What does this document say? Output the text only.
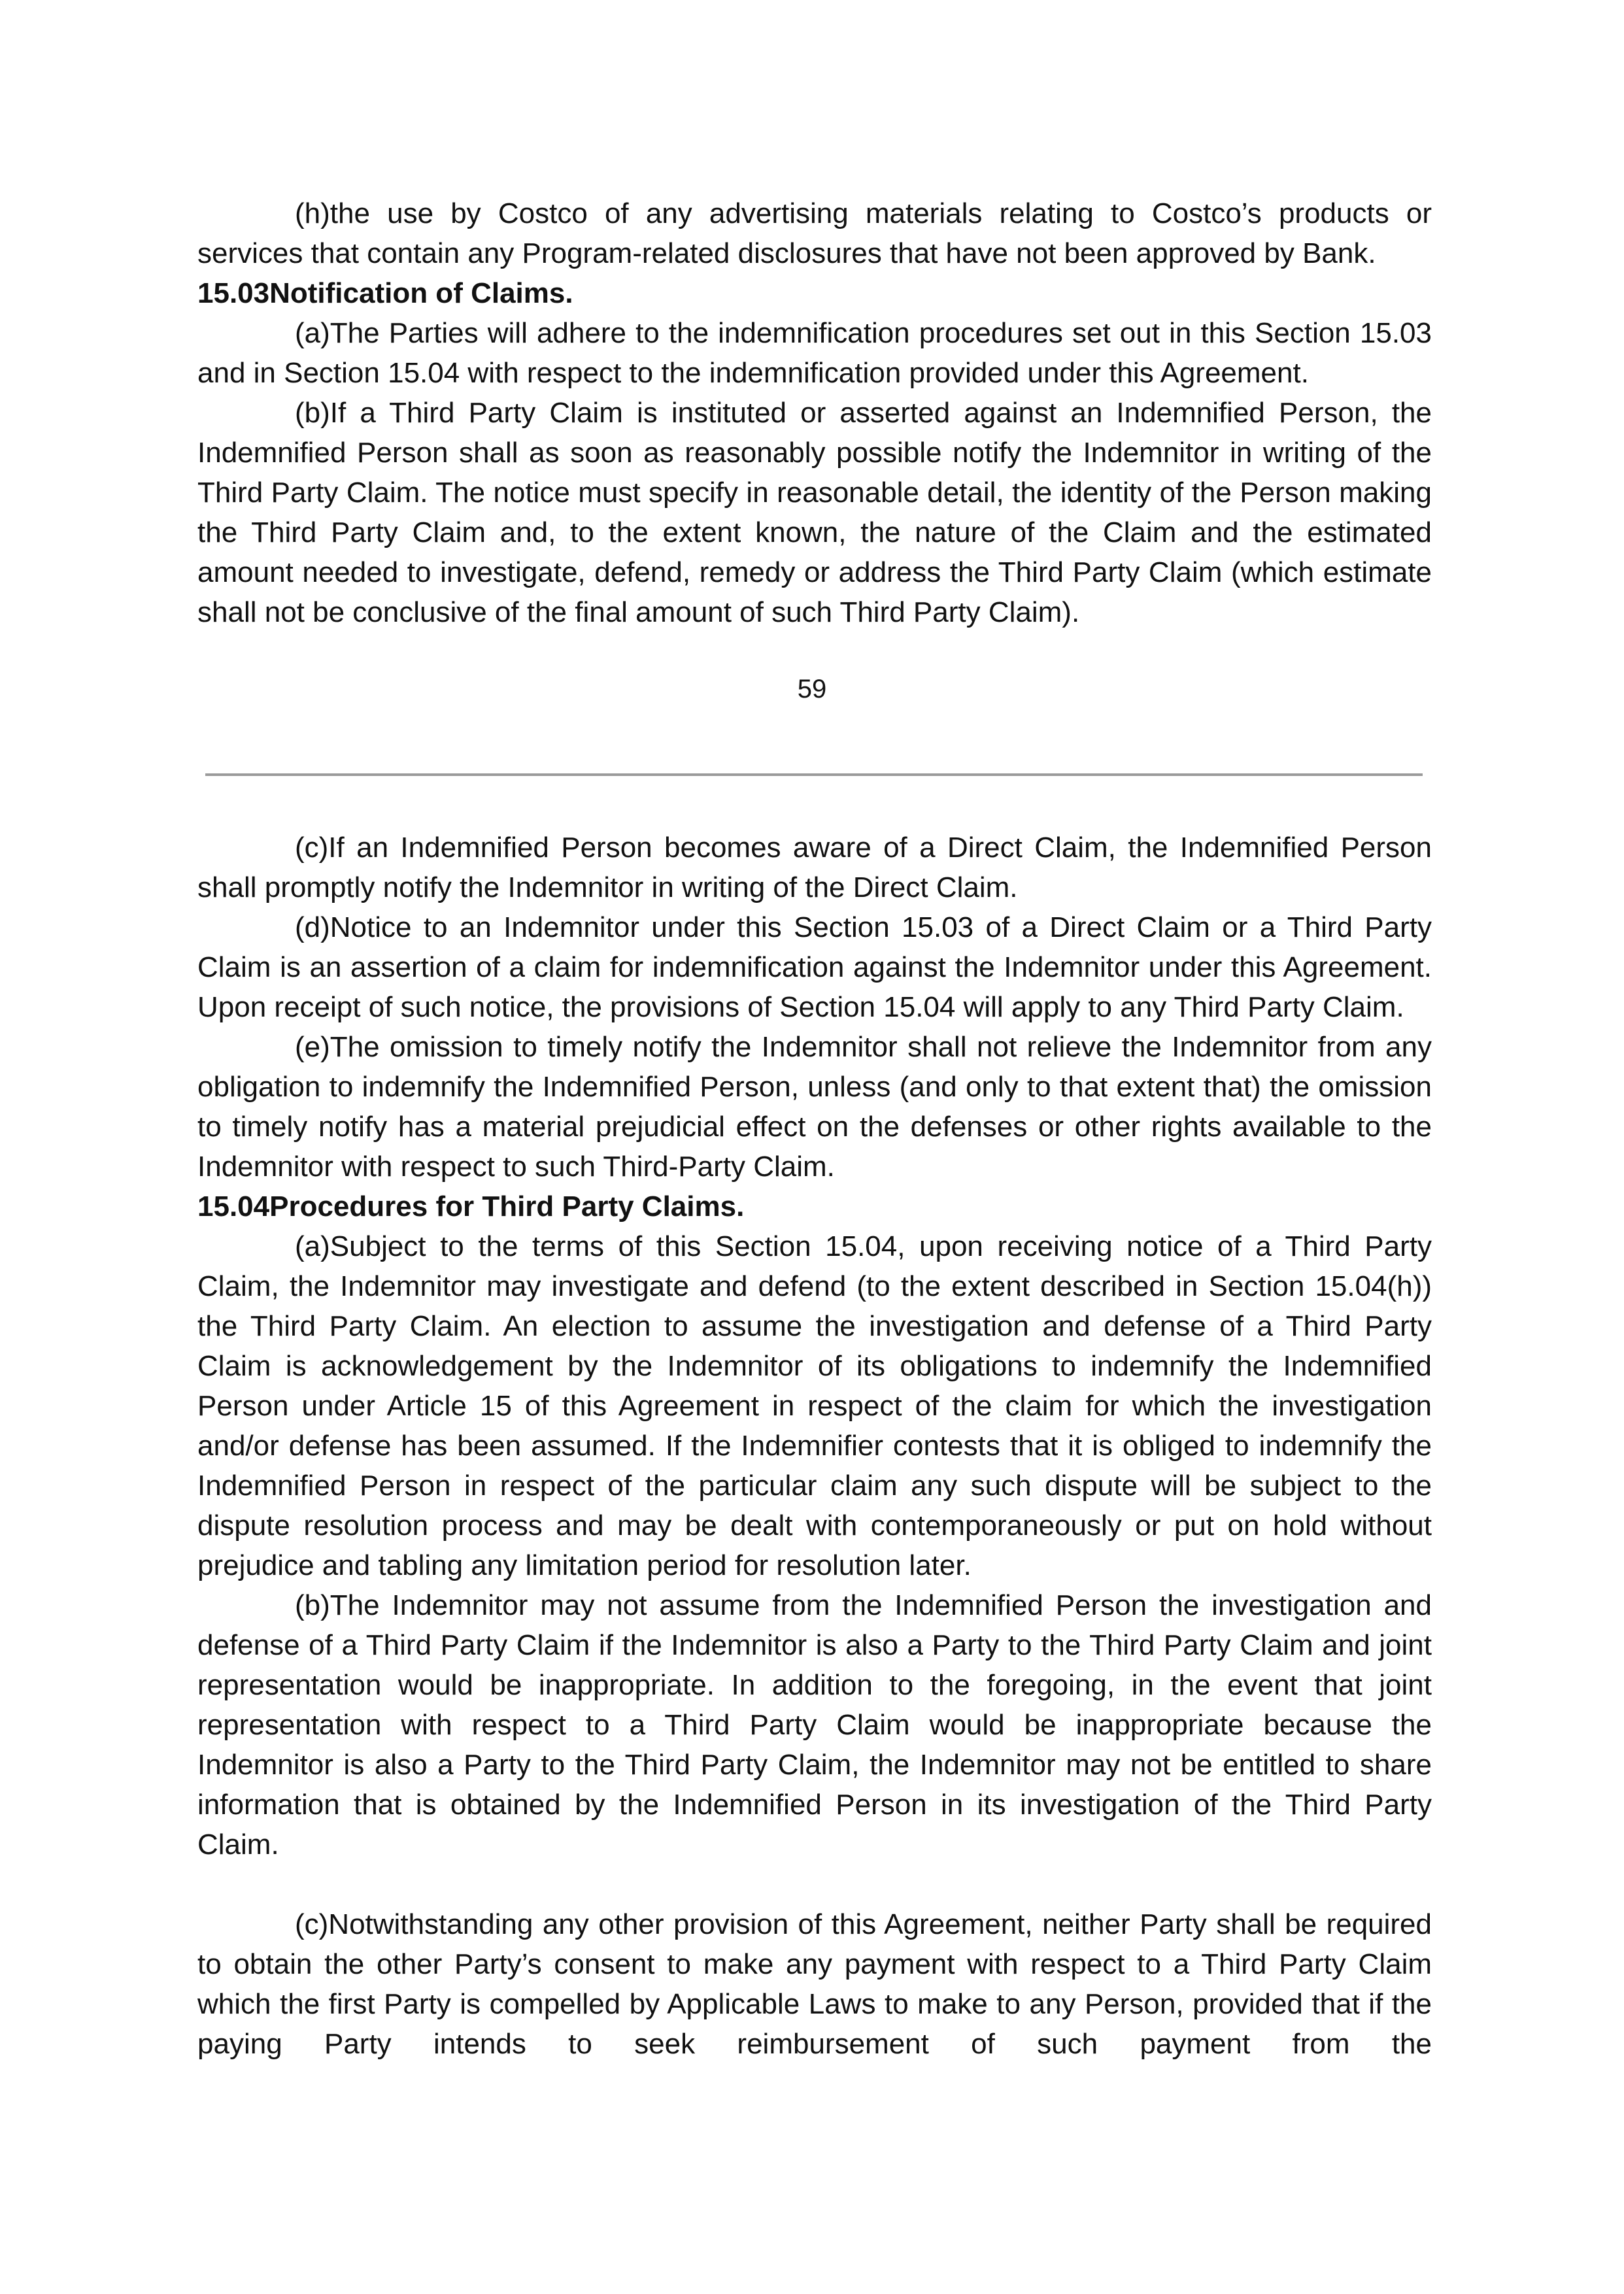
(h)the use by Costco of any advertising materials relating to Costco’s products or services that contain any Program-related disclosures that have not been approved by Bank.

15.03Notification of Claims.

(a)The Parties will adhere to the indemnification procedures set out in this Section 15.03 and in Section 15.04 with respect to the indemnification provided under this Agreement.

(b)If a Third Party Claim is instituted or asserted against an Indemnified Person, the Indemnified Person shall as soon as reasonably possible notify the Indemnitor in writing of the Third Party Claim. The notice must specify in reasonable detail, the identity of the Person making the Third Party Claim and, to the extent known, the nature of the Claim and the estimated amount needed to investigate, defend, remedy or address the Third Party Claim (which estimate shall not be conclusive of the final amount of such Third Party Claim).

59

(c)If an Indemnified Person becomes aware of a Direct Claim, the Indemnified Person shall promptly notify the Indemnitor in writing of the Direct Claim.

(d)Notice to an Indemnitor under this Section 15.03 of a Direct Claim or a Third Party Claim is an assertion of a claim for indemnification against the Indemnitor under this Agreement. Upon receipt of such notice, the provisions of Section 15.04 will apply to any Third Party Claim.

(e)The omission to timely notify the Indemnitor shall not relieve the Indemnitor from any obligation to indemnify the Indemnified Person, unless (and only to that extent that) the omission to timely notify has a material prejudicial effect on the defenses or other rights available to the Indemnitor with respect to such Third-Party Claim.

15.04Procedures for Third Party Claims.

(a)Subject to the terms of this Section 15.04, upon receiving notice of a Third Party Claim, the Indemnitor may investigate and defend (to the extent described in Section 15.04(h)) the Third Party Claim. An election to assume the investigation and defense of a Third Party Claim is acknowledgement by the Indemnitor of its obligations to indemnify the Indemnified Person under Article 15 of this Agreement in respect of the claim for which the investigation and/or defense has been assumed. If the Indemnifier contests that it is obliged to indemnify the Indemnified Person in respect of the particular claim any such dispute will be subject to the dispute resolution process and may be dealt with contemporaneously or put on hold without prejudice and tabling any limitation period for resolution later.

(b)The Indemnitor may not assume from the Indemnified Person the investigation and defense of a Third Party Claim if the Indemnitor is also a Party to the Third Party Claim and joint representation would be inappropriate. In addition to the foregoing, in the event that joint representation with respect to a Third Party Claim would be inappropriate because the Indemnitor is also a Party to the Third Party Claim, the Indemnitor may not be entitled to share information that is obtained by the Indemnified Person in its investigation of the Third Party Claim.

(c)Notwithstanding any other provision of this Agreement, neither Party shall be required to obtain the other Party’s consent to make any payment with respect to a Third Party Claim which the first Party is compelled by Applicable Laws to make to any Person, provided that if the paying Party intends to seek reimbursement of such payment from the
